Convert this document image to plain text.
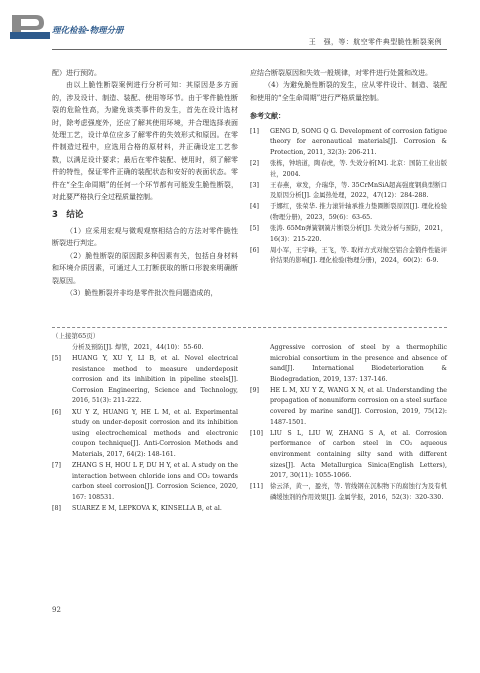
理化检验-物理分册
王　强，等：航空零件典型脆性断裂案例

配）进行预防。

由以上脆性断裂案例进行分析可知：其原因是多方面的，涉及设计、制造、装配、使用等环节。由于零件脆性断裂的危险性高，为避免该类事件的发生，首先在设计选材时，除考虑强度外，还应了解其使用环境，并合理选择表面处理工艺，设计单位应多了解零件的失效形式和原因。在零件制造过程中，应选用合格的原材料，并正确设定工艺参数，以满足设计要求；最后在零件装配、使用时，须了解零件的特性，保证零件正确的装配状态和安好的表面状态。零件在“全生命周期”的任何一个环节都有可能发生脆性断裂，对此要严格执行全过程质量控制。

3　结论

（1）应采用宏观与微观观察相结合的方法对零件脆性断裂进行判定。

（2）脆性断裂的原因跟多种因素有关，包括自身材料和环境介质因素，可通过人工打断获取的断口形貌来明确断裂原因。

（3）脆性断裂并非均是零件批次性问题造成的，

应结合断裂原因和失效一般规律，对零件进行处置和改进。

（4）为避免脆性断裂的发生，应从零件设计、制造、装配和使用的“全生命周期”进行严格质量控制。

参考文献：
[1]	GENG D, SONG Q G. Development of corrosion fatigue theory for aeronautical materials[J]. Corrosion & Protection, 2011, 32(3): 206-211.
[2]	张栋，钟培道，陶春虎，等. 失效分析[M]. 北京：国防工业出版社，2004.
[3]	王春燕，章发，介瑞华，等. 35CrMnSiA超高强度钢典型断口及原因分析[J]. 金属热处理，2022，47(12)：284-288.
[4]	于娜红，张荣华. 推力滚针轴承推力垫圈断裂原因[J]. 理化检验(物理分册)，2023，59(6)：63-65.
[5]	张涛. 65Mn弹簧钢簧片断裂分析[J]. 失效分析与预防，2021，16(3)：215-220.
[6]	周小军，王宇峰，王飞，等. 取样方式对航空铝合金锻件性能评价结果的影响[J]. 理化检验(物理分册)，2024，60(2)：6-9.
（上接第65页）
分析及预防[J]. 焊管，2021，44(10)：55-60.
[5]	HUANG Y, XU Y, LI B, et al. Novel electrical resistance method to measure underdeposit corrosion and its inhibition in pipeline steels[J]. Corrosion Engineering, Science and Technology, 2016, 51(3): 211-222.
[6]	XU Y Z, HUANG Y, HE L M, et al. Experimental study on under-deposit corrosion and its inhibition using electrochemical methods and electronic coupon technique[J]. Anti-Corrosion Methods and Materials, 2017, 64(2): 148-161.
[7]	ZHANG S H, HOU L F, DU H Y, et al. A study on the interaction between chloride ions and CO₂ towards carbon steel corrosion[J]. Corrosion Science, 2020, 167: 108531.
[8]	SUAREZ E M, LEPKOVA K, KINSELLA B, et al.
Aggressive corrosion of steel by a thermophilic microbial consortium in the presence and absence of sand[J]. International Biodeterioration & Biodegradation, 2019, 137: 137-146.
[9]	HE L M, XU Y Z, WANG X N, et al. Understanding the propagation of nonuniform corrosion on a steel surface covered by marine sand[J]. Corrosion, 2019, 75(12): 1487-1501.
[10]	LIU S L, LIU W, ZHANG S A, et al. Corrosion performance of carbon steel in CO₂ aqueous environment containing silty sand with different sizes[J]. Acta Metallurgica Sinica(English Letters), 2017, 30(11): 1055-1066.
[11]	徐云泽，黄一，盈亮，等. 管线钢在沉积物下的腐蚀行为及有机磷缓蚀剂的作用效果[J]. 金属学报，2016，52(3)：320-330.
92
